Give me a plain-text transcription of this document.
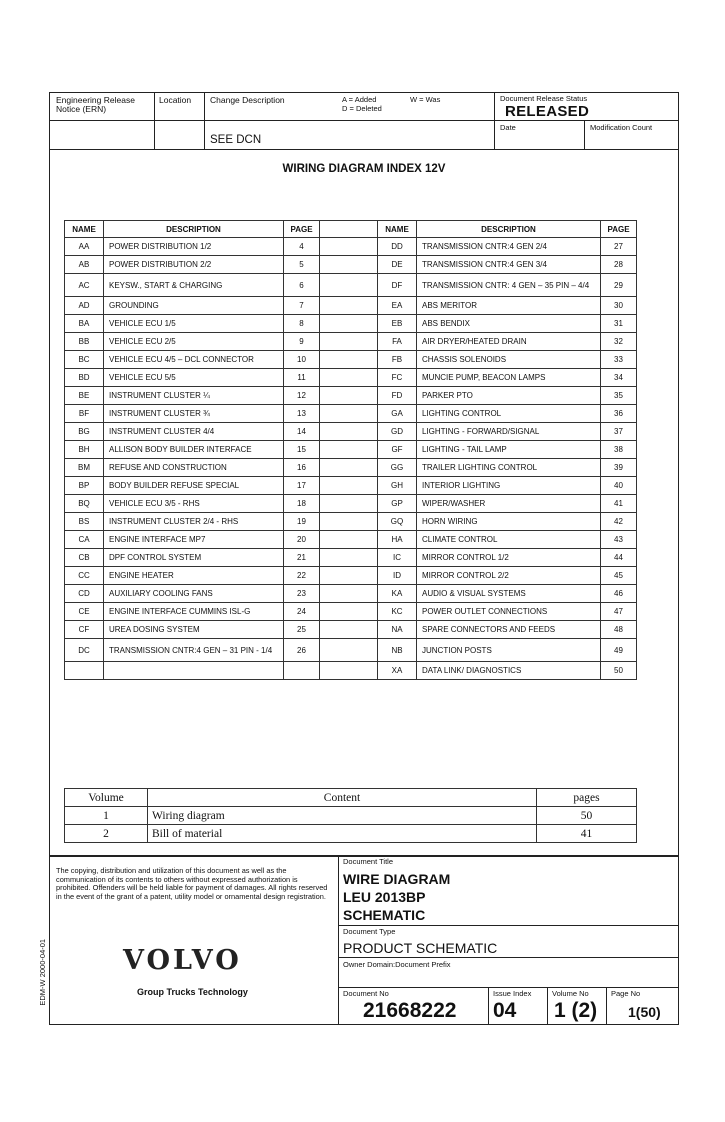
Engineering Release Notice (ERN)
Location Change Description	A = Added
D = Deleted
W = Was	Document Release Status
RELEASED
Date	Modification Count
SEE DCN
WIRING DIAGRAM INDEX 12V
NAME	DESCRIPTION	PAGE		NAME	DESCRIPTION	PAGE
AA	POWER DISTRIBUTION 1/2	4		DD	TRANSMISSION CNTR:4 GEN 2/4	27
AB	POWER DISTRIBUTION 2/2	5		DE	TRANSMISSION CNTR:4 GEN 3/4	28
AC	KEYSW., START & CHARGING	6		DF	TRANSMISSION CNTR: 4 GEN – 35 PIN – 4/4	29
AD	GROUNDING	7		EA	ABS MERITOR	30
BA	VEHICLE ECU 1/5	8		EB	ABS BENDIX	31
BB	VEHICLE ECU 2/5	9		FA	AIR DRYER/HEATED DRAIN	32
BC	VEHICLE ECU 4/5 – DCL CONNECTOR	10		FB	CHASSIS SOLENOIDS	33
BD	VEHICLE ECU 5/5	11		FC	MUNCIE PUMP, BEACON LAMPS	34
BE	INSTRUMENT CLUSTER ¼	12		FD	PARKER PTO	35
BF	INSTRUMENT CLUSTER ¾	13		GA	LIGHTING CONTROL	36
BG	INSTRUMENT CLUSTER 4/4	14		GD	LIGHTING - FORWARD/SIGNAL	37
BH	ALLISON BODY BUILDER INTERFACE	15		GF	LIGHTING - TAIL LAMP	38
BM	REFUSE AND CONSTRUCTION	16		GG	TRAILER LIGHTING CONTROL	39
BP	BODY BUILDER REFUSE SPECIAL	17		GH	INTERIOR LIGHTING	40
BQ	VEHICLE ECU 3/5 - RHS	18		GP	WIPER/WASHER	41
BS	INSTRUMENT CLUSTER 2/4 - RHS	19		GQ	HORN WIRING	42
CA	ENGINE INTERFACE MP7	20		HA	CLIMATE CONTROL	43
CB	DPF CONTROL SYSTEM	21		IC	MIRROR CONTROL 1/2	44
CC	ENGINE HEATER	22		ID	MIRROR CONTROL 2/2	45
CD	AUXILIARY COOLING FANS	23		KA	AUDIO & VISUAL SYSTEMS	46
CE	ENGINE INTERFACE CUMMINS ISL-G	24		KC	POWER OUTLET CONNECTIONS	47
CF	UREA DOSING SYSTEM	25		NA	SPARE CONNECTORS AND FEEDS	48
DC	TRANSMISSION CNTR:4 GEN – 31 PIN - 1/4	26		NB	JUNCTION POSTS	49
				XA	DATA LINK/ DIAGNOSTICS	50
Volume	Content	pages
1	Wiring diagram	50
2	Bill of material	41
The copying, distribution and utilization of this document as well as the communication of its contents to others without expressed authorization is prohibited. Offenders will be held liable for payment of damages. All rights reserved in the event of the grant of a patent, utility model or ornamental design registration.
VOLVO
Group Trucks Technology
EDM-W 2000-04-01
Document Title
WIRE DIAGRAM
LEU 2013BP
SCHEMATIC
Document Type
PRODUCT SCHEMATIC
Owner Domain:Document Prefix
Document No
21668222
Issue Index
04
Volume No
1 (2)
Page No
1(50)
